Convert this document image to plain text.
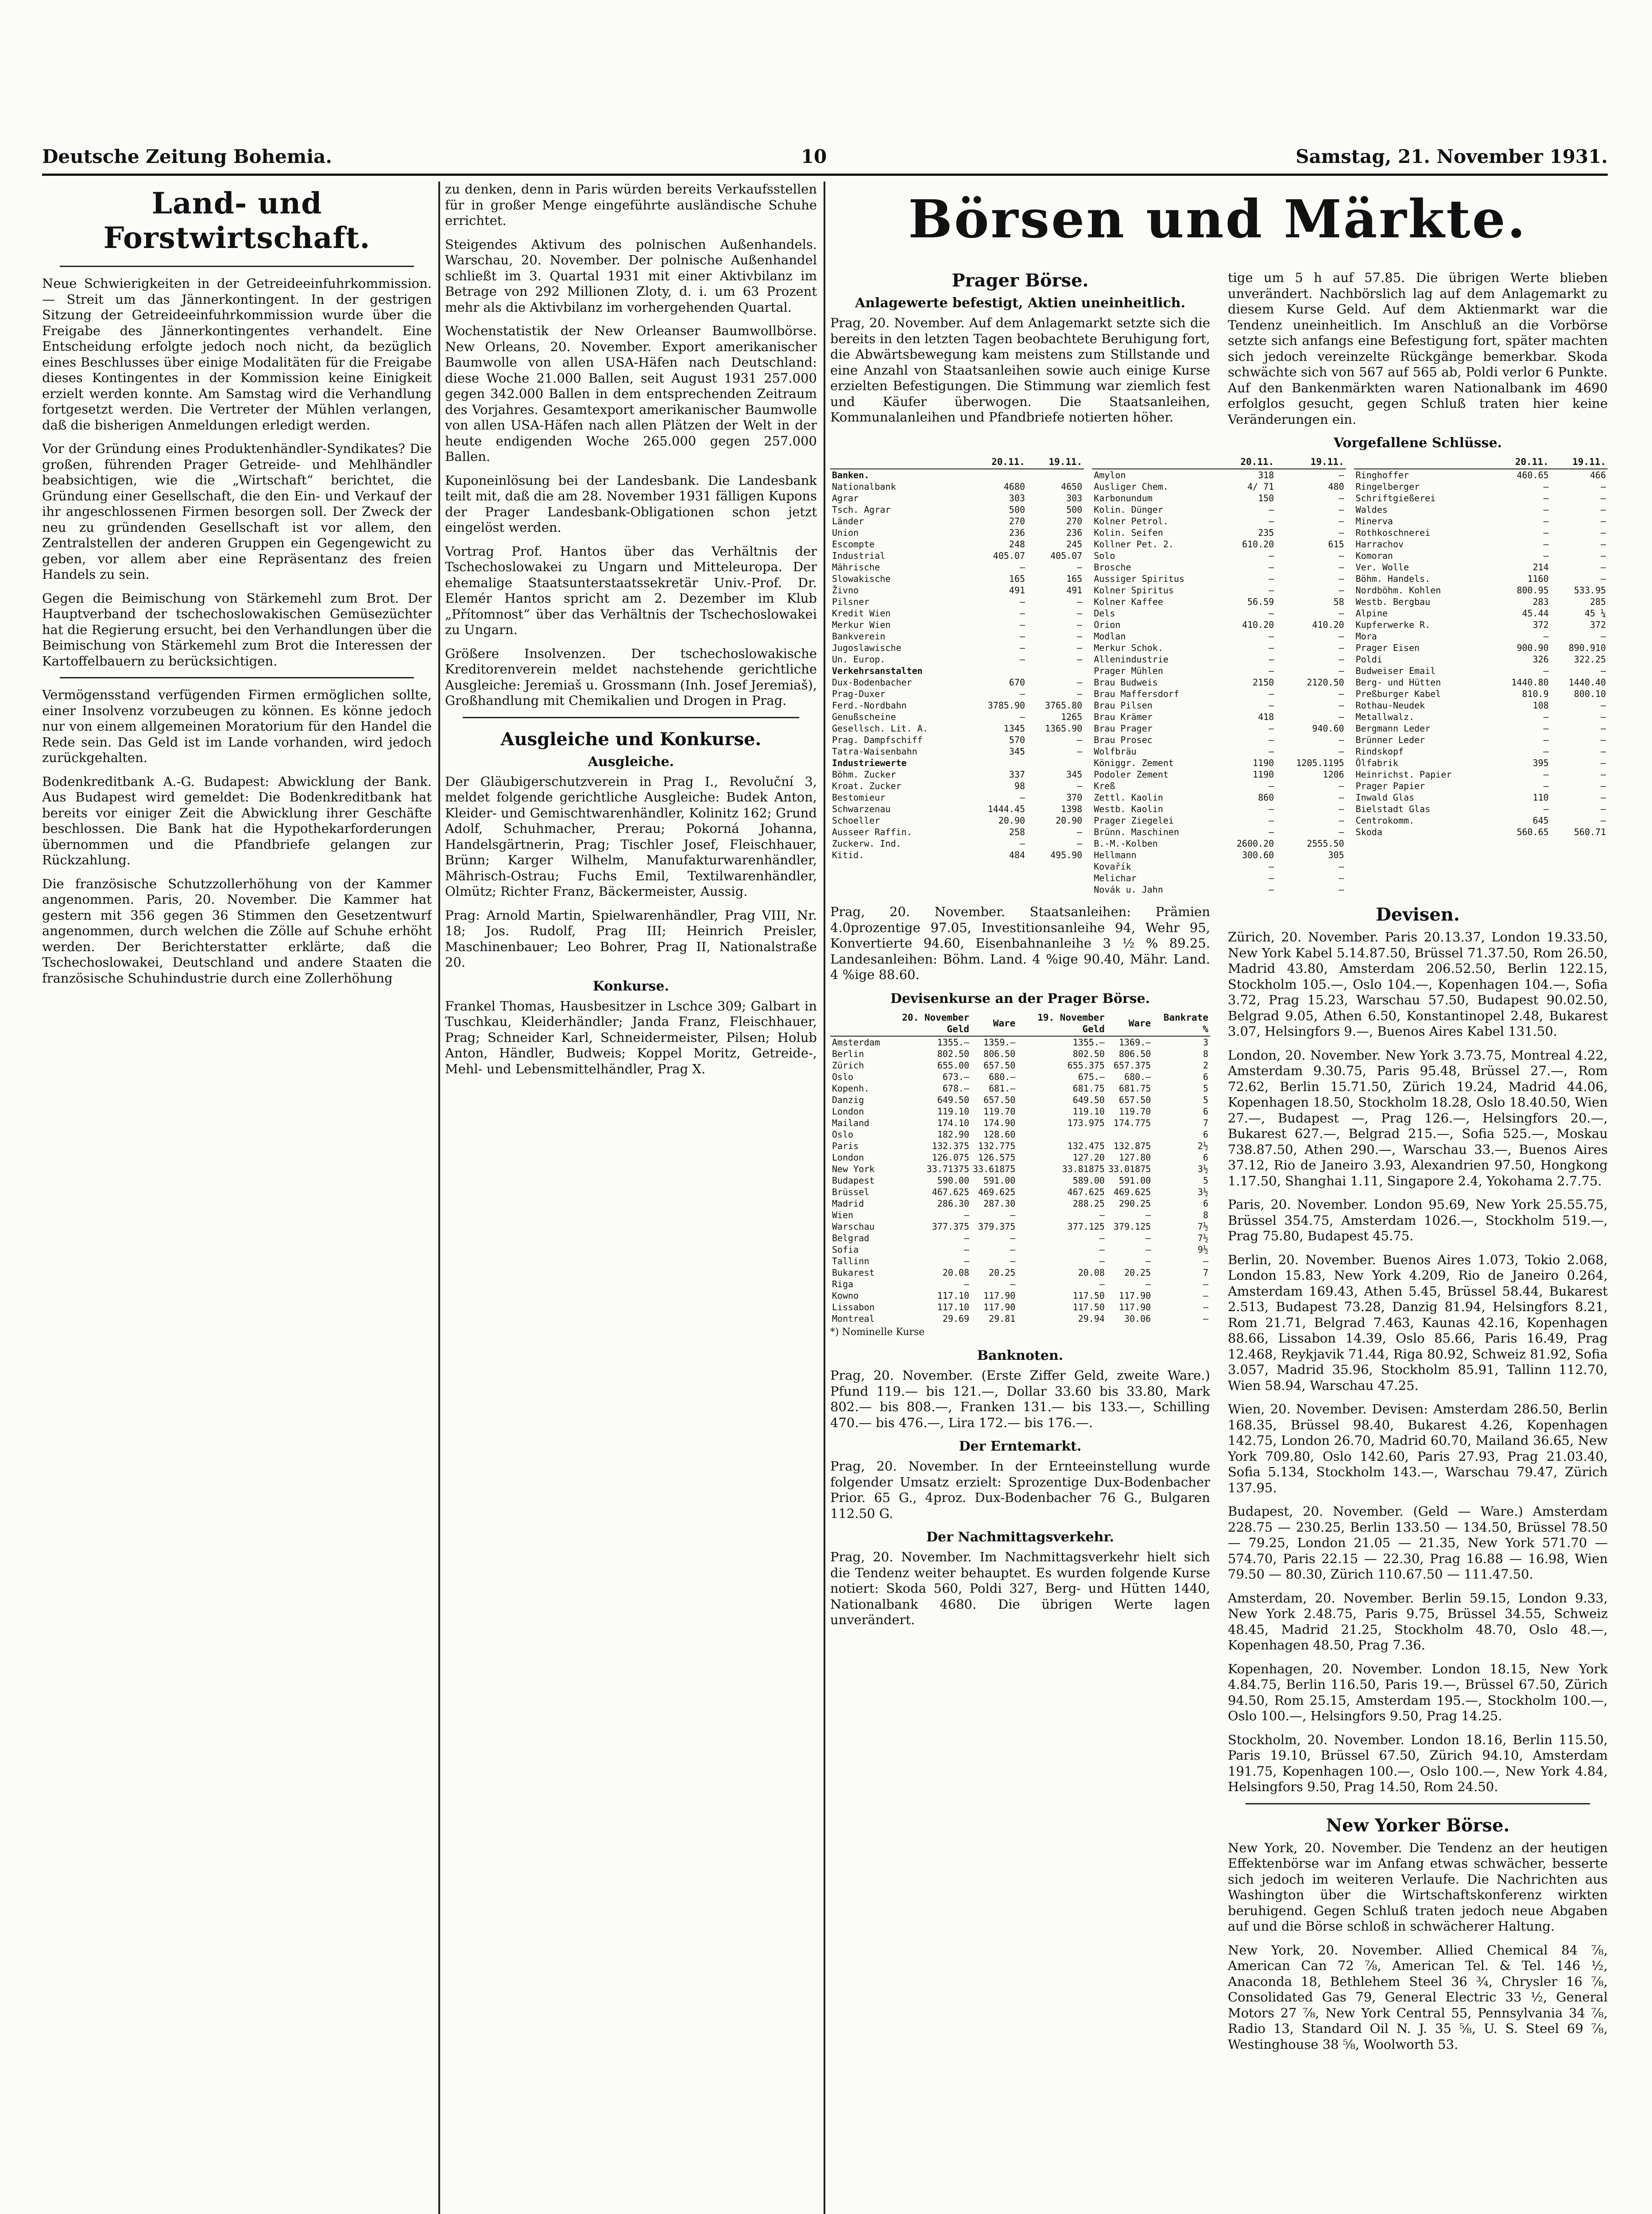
Deutsche Zeitung Bohemia.	10	Samstag, 21. November 1931.
Land- und Forstwirtschaft.

Neue Schwierigkeiten in der Getreideeinfuhrkommission. — Streit um das Jännerkontingent. In der gestrigen Sitzung der Getreideeinfuhrkommission wurde über die Freigabe des Jännerkontingentes verhandelt. Eine Entscheidung erfolgte jedoch noch nicht, da bezüglich eines Beschlusses über einige Modalitäten für die Freigabe dieses Kontingentes in der Kommission keine Einigkeit erzielt werden konnte. Am Samstag wird die Verhandlung fortgesetzt werden. Die Vertreter der Mühlen verlangen, daß die bisherigen Anmeldungen erledigt werden.

Vor der Gründung eines Produktenhändler-Syndikates? Die großen, führenden Prager Getreide- und Mehlhändler beabsichtigen, wie die „Wirtschaft“ berichtet, die Gründung einer Gesellschaft, die den Ein- und Verkauf der ihr angeschlossenen Firmen besorgen soll. Der Zweck der neu zu gründenden Gesellschaft ist vor allem, den Zentralstellen der anderen Gruppen ein Gegengewicht zu geben, vor allem aber eine Repräsentanz des freien Handels zu sein.

Gegen die Beimischung von Stärkemehl zum Brot. Der Hauptverband der tschechoslowakischen Gemüsezüchter hat die Regierung ersucht, bei den Verhandlungen über die Beimischung von Stärkemehl zum Brot die Interessen der Kartoffelbauern zu berücksichtigen.

Vermögensstand verfügenden Firmen ermöglichen sollte, einer Insolvenz vorzubeugen zu können. Es könne jedoch nur von einem allgemeinen Moratorium für den Handel die Rede sein. Das Geld ist im Lande vorhanden, wird jedoch zurückgehalten.

Bodenkreditbank A.-G. Budapest: Abwicklung der Bank. Aus Budapest wird gemeldet: Die Bodenkreditbank hat bereits vor einiger Zeit die Abwicklung ihrer Geschäfte beschlossen. Die Bank hat die Hypothekarforderungen übernommen und die Pfandbriefe gelangen zur Rückzahlung.

Die französische Schutzzollerhöhung von der Kammer angenommen. Paris, 20. November. Die Kammer hat gestern mit 356 gegen 36 Stimmen den Gesetzentwurf angenommen, durch welchen die Zölle auf Schuhe erhöht werden. Der Berichterstatter erklärte, daß die Tschechoslowakei, Deutschland und andere Staaten die französische Schuhindustrie durch eine Zollerhöhung

zu denken, denn in Paris würden bereits Verkaufsstellen für in großer Menge eingeführte ausländische Schuhe errichtet.

Steigendes Aktivum des polnischen Außenhandels. Warschau, 20. November. Der polnische Außenhandel schließt im 3. Quartal 1931 mit einer Aktivbilanz im Betrage von 292 Millionen Zloty, d. i. um 63 Prozent mehr als die Aktivbilanz im vorhergehenden Quartal.

Wochenstatistik der New Orleanser Baumwollbörse. New Orleans, 20. November. Export amerikanischer Baumwolle von allen USA-Häfen nach Deutschland: diese Woche 21.000 Ballen, seit August 1931 257.000 gegen 342.000 Ballen in dem entsprechenden Zeitraum des Vorjahres. Gesamtexport amerikanischer Baumwolle von allen USA-Häfen nach allen Plätzen der Welt in der heute endigenden Woche 265.000 gegen 257.000 Ballen.

Kuponeinlösung bei der Landesbank. Die Landesbank teilt mit, daß die am 28. November 1931 fälligen Kupons der Prager Landesbank-Obligationen schon jetzt eingelöst werden.

Vortrag Prof. Hantos über das Verhältnis der Tschechoslowakei zu Ungarn und Mitteleuropa. Der ehemalige Staatsunterstaatssekretär Univ.-Prof. Dr. Elemér Hantos spricht am 2. Dezember im Klub „Přítomnost“ über das Verhältnis der Tschechoslowakei zu Ungarn.

Größere Insolvenzen. Der tschechoslowakische Kreditorenverein meldet nachstehende gerichtliche Ausgleiche: Jeremiaš u. Grossmann (Inh. Josef Jeremiaš), Großhandlung mit Chemikalien und Drogen in Prag.

Ausgleiche und Konkurse.
Ausgleiche.

Der Gläubigerschutzverein in Prag I., Revoluční 3, meldet folgende gerichtliche Ausgleiche: Budek Anton, Kleider- und Gemischtwarenhändler, Kolinitz 162; Grund Adolf, Schuhmacher, Prerau; Pokorná Johanna, Handelsgärtnerin, Prag; Tischler Josef, Fleischhauer, Brünn; Karger Wilhelm, Manufakturwarenhändler, Mährisch-Ostrau; Fuchs Emil, Textilwarenhändler, Olmütz; Richter Franz, Bäckermeister, Aussig.

Prag: Arnold Martin, Spielwarenhändler, Prag VIII, Nr. 18; Jos. Rudolf, Prag III; Heinrich Preisler, Maschinenbauer; Leo Bohrer, Prag II, Nationalstraße 20.

Konkurse.

Frankel Thomas, Hausbesitzer in Lschce 309; Galbart in Tuschkau, Kleiderhändler; Janda Franz, Fleischhauer, Prag; Schneider Karl, Schneidermeister, Pilsen; Holub Anton, Händler, Budweis; Koppel Moritz, Getreide-, Mehl- und Lebensmittelhändler, Prag X.

Börsen und Märkte.
Prager Börse.
Anlagewerte befestigt, Aktien uneinheitlich.

Prag, 20. November. Auf dem Anlagemarkt setzte sich die bereits in den letzten Tagen beobachtete Beruhigung fort, die Abwärtsbewegung kam meistens zum Stillstande und eine Anzahl von Staatsanleihen sowie auch einige Kurse erzielten Befestigungen. Die Stimmung war ziemlich fest und Käufer überwogen. Die Staatsanleihen, Kommunalanleihen und Pfandbriefe notierten höher.

tige um 5 h auf 57.85. Die übrigen Werte blieben unverändert. Nachbörslich lag auf dem Anlagemarkt zu diesem Kurse Geld. Auf dem Aktienmarkt war die Tendenz uneinheitlich. Im Anschluß an die Vorbörse setzte sich anfangs eine Befestigung fort, später machten sich jedoch vereinzelte Rückgänge bemerkbar. Skoda schwächte sich von 567 auf 565 ab, Poldi verlor 6 Punkte. Auf den Bankenmärkten waren Nationalbank im 4690 erfolglos gesucht, gegen Schluß traten hier keine Veränderungen ein.

Vorgefallene Schlüsse.
	20.11.	19.11.
Banken.		
Nationalbank	4680	4650
Agrar	303	303
Tsch. Agrar	500	500
Länder	270	270
Union	236	236
Escompte	248	245
Industrial	405.07	405.07
Mährische	—	—
Slowakische	165	165
Živno	491	491
Pilsner	—	—
Kredit Wien	—	—
Merkur Wien	—	—
Bankverein	—	—
Jugoslawische	—	—
Un. Europ.	—	—
Verkehrsanstalten		
Dux-Bodenbacher	670	—
Prag-Duxer	—	—
Ferd.-Nordbahn	3785.90	3765.80
Genußscheine	—	1265
Gesellsch. Lit. A.	1345	1365.90
Prag. Dampfschiff	570	—
Tatra-Waisenbahn	345	—
Industriewerte		
Böhm. Zucker	337	345
Kroat. Zucker	98	—
Bestomieur	—	370
Schwarzenau	1444.45	1398
Schoeller	20.90	20.90
Ausseer Raffin.	258	—
Zuckerw. Ind.	—	—
Kitid.	484	495.90
	20.11.	19.11.
Amylon	318	—
Ausliger Chem.	4/ 71	480
Karbonundum	150	—
Kolin. Dünger	—	—
Kolner Petrol.	—	—
Kolin. Seifen	235	—
Kollner Pet. 2.	610.20	615
Solo	—	—
Brosche	—	—
Aussiger Spiritus	—	—
Kolner Spiritus	—	—
Kolner Kaffee	56.59	58
Dels	—	—
Orion	410.20	410.20
Modlan	—	—
Merkur Schok.	—	—
Allenindustrie	—	—
Prager Mühlen	—	—
Brau Budweis	2150	2120.50
Brau Maffersdorf	—	—
Brau Pilsen	—	—
Brau Krämer	418	—
Brau Prager	—	940.60
Brau Prosec	—	—
Wolfbräu	—	—
Königgr. Zement	1190	1205.1195
Podoler Zement	1190	1206
Kreß	—	—
Zettl. Kaolin	860	—
Westb. Kaolin	—	—
Prager Ziegelei	—	—
Brünn. Maschinen	—	—
B.-M.-Kolben	2600.20	2555.50
Hellmann	300.60	305
Kovařík	—	—
Melichar	—	—
Novák u. Jahn	—	—
	20.11.	19.11.
Ringhoffer	460.65	466
Ringelberger	—	—
Schriftgießerei	—	—
Waldes	—	—
Minerva	—	—
Rothkoschnerei	—	—
Harrachov	—	—
Komoran	—	—
Ver. Wolle	214	—
Böhm. Handels.	1160	—
Nordböhm. Kohlen	800.95	533.95
Westb. Bergbau	283	285
Alpine	45.44	45 ¼
Kupferwerke R.	372	372
Mora	—	—
Prager Eisen	900.90	890.910
Poldi	326	322.25
Budweiser Email	—	—
Berg- und Hütten	1440.80	1440.40
Preßburger Kabel	810.9	800.10
Rothau-Neudek	108	—
Metallwalz.	—	—
Bergmann Leder	—	—
Brünner Leder	—	—
Rindskopf	—	—
Ölfabrik	395	—
Heinrichst. Papier	—	—
Prager Papier	—	—
Inwald Glas	110	—
Bielstadt Glas	—	—
Centrokomm.	645	—
Skoda	560.65	560.71

Prag, 20. November. Staatsanleihen: Prämien 4.0prozentige 97.05, Investitionsanleihe 94, Wehr 95, Konvertierte 94.60, Eisenbahnanleihe 3 ½ % 89.25. Landesanleihen: Böhm. Land. 4 %ige 90.40, Mähr. Land. 4 %ige 88.60.

Devisenkurse an der Prager Börse.
	20. November Geld	Ware	19. November Geld	Ware	Bankrate %
Amsterdam	1355.—	1359.—	1355.—	1369.—	3
Berlin	802.50	806.50	802.50	806.50	8
Zürich	655.00	657.50	655.375	657.375	2
Oslo	673.—	680.—	675.—	680.—	6
Kopenh.	678.—	681.—	681.75	681.75	5
Danzig	649.50	657.50	649.50	657.50	5
London	119.10	119.70	119.10	119.70	6
Mailand	174.10	174.90	173.975	174.775	7
Oslo	182.90	128.60			6
Paris	132.375	132.775	132.475	132.875	2½
London	126.075	126.575	127.20	127.80	6
New York	33.71375	33.61875	33.81875	33.01875	3½
Budapest	590.00	591.00	589.00	591.00	5
Brüssel	467.625	469.625	467.625	469.625	3½
Madrid	286.30	287.30	288.25	290.25	6
Wien	—	—	—	—	8
Warschau	377.375	379.375	377.125	379.125	7½
Belgrad	—	—	—	—	7½
Sofia	—	—	—	—	9½
Tallinn	—	—	—	—	—
Bukarest	20.08	20.25	20.08	20.25	7
Riga	—	—	—	—	—
Kowno	117.10	117.90	117.50	117.90	—
Lissabon	117.10	117.90	117.50	117.90	—
Montreal	29.69	29.81	29.94	30.06	—

*) Nominelle Kurse

Banknoten.

Prag, 20. November. (Erste Ziffer Geld, zweite Ware.) Pfund 119.— bis 121.—, Dollar 33.60 bis 33.80, Mark 802.— bis 808.—, Franken 131.— bis 133.—, Schilling 470.— bis 476.—, Lira 172.— bis 176.—.

Der Erntemarkt.

Prag, 20. November. In der Ernteeinstellung wurde folgender Umsatz erzielt: Sprozentige Dux-Bodenbacher Prior. 65 G., 4proz. Dux-Bodenbacher 76 G., Bulgaren 112.50 G.

Der Nachmittagsverkehr.

Prag, 20. November. Im Nachmittagsverkehr hielt sich die Tendenz weiter behauptet. Es wurden folgende Kurse notiert: Skoda 560, Poldi 327, Berg- und Hütten 1440, Nationalbank 4680. Die übrigen Werte lagen unverändert.

Devisen.

Zürich, 20. November. Paris 20.13.37, London 19.33.50, New York Kabel 5.14.87.50, Brüssel 71.37.50, Rom 26.50, Madrid 43.80, Amsterdam 206.52.50, Berlin 122.15, Stockholm 105.—, Oslo 104.—, Kopenhagen 104.—, Sofia 3.72, Prag 15.23, Warschau 57.50, Budapest 90.02.50, Belgrad 9.05, Athen 6.50, Konstantinopel 2.48, Bukarest 3.07, Helsingfors 9.—, Buenos Aires Kabel 131.50.

London, 20. November. New York 3.73.75, Montreal 4.22, Amsterdam 9.30.75, Paris 95.48, Brüssel 27.—, Rom 72.62, Berlin 15.71.50, Zürich 19.24, Madrid 44.06, Kopenhagen 18.50, Stockholm 18.28, Oslo 18.40.50, Wien 27.—, Budapest —, Prag 126.—, Helsingfors 20.—, Bukarest 627.—, Belgrad 215.—, Sofia 525.—, Moskau 738.87.50, Athen 290.—, Warschau 33.—, Buenos Aires 37.12, Rio de Janeiro 3.93, Alexandrien 97.50, Hongkong 1.17.50, Shanghai 1.11, Singapore 2.4, Yokohama 2.7.75.

Paris, 20. November. London 95.69, New York 25.55.75, Brüssel 354.75, Amsterdam 1026.—, Stockholm 519.—, Prag 75.80, Budapest 45.75.

Berlin, 20. November. Buenos Aires 1.073, Tokio 2.068, London 15.83, New York 4.209, Rio de Janeiro 0.264, Amsterdam 169.43, Athen 5.45, Brüssel 58.44, Bukarest 2.513, Budapest 73.28, Danzig 81.94, Helsingfors 8.21, Rom 21.71, Belgrad 7.463, Kaunas 42.16, Kopenhagen 88.66, Lissabon 14.39, Oslo 85.66, Paris 16.49, Prag 12.468, Reykjavik 71.44, Riga 80.92, Schweiz 81.92, Sofia 3.057, Madrid 35.96, Stockholm 85.91, Tallinn 112.70, Wien 58.94, Warschau 47.25.

Wien, 20. November. Devisen: Amsterdam 286.50, Berlin 168.35, Brüssel 98.40, Bukarest 4.26, Kopenhagen 142.75, London 26.70, Madrid 60.70, Mailand 36.65, New York 709.80, Oslo 142.60, Paris 27.93, Prag 21.03.40, Sofia 5.134, Stockholm 143.—, Warschau 79.47, Zürich 137.95.

Budapest, 20. November. (Geld — Ware.) Amsterdam 228.75 — 230.25, Berlin 133.50 — 134.50, Brüssel 78.50 — 79.25, London 21.05 — 21.35, New York 571.70 — 574.70, Paris 22.15 — 22.30, Prag 16.88 — 16.98, Wien 79.50 — 80.30, Zürich 110.67.50 — 111.47.50.

Amsterdam, 20. November. Berlin 59.15, London 9.33, New York 2.48.75, Paris 9.75, Brüssel 34.55, Schweiz 48.45, Madrid 21.25, Stockholm 48.70, Oslo 48.—, Kopenhagen 48.50, Prag 7.36.

Kopenhagen, 20. November. London 18.15, New York 4.84.75, Berlin 116.50, Paris 19.—, Brüssel 67.50, Zürich 94.50, Rom 25.15, Amsterdam 195.—, Stockholm 100.—, Oslo 100.—, Helsingfors 9.50, Prag 14.25.

Stockholm, 20. November. London 18.16, Berlin 115.50, Paris 19.10, Brüssel 67.50, Zürich 94.10, Amsterdam 191.75, Kopenhagen 100.—, Oslo 100.—, New York 4.84, Helsingfors 9.50, Prag 14.50, Rom 24.50.

New Yorker Börse.

New York, 20. November. Die Tendenz an der heutigen Effektenbörse war im Anfang etwas schwächer, besserte sich jedoch im weiteren Verlaufe. Die Nachrichten aus Washington über die Wirtschaftskonferenz wirkten beruhigend. Gegen Schluß traten jedoch neue Abgaben auf und die Börse schloß in schwächerer Haltung.

New York, 20. November. Allied Chemical 84 ⅞, American Can 72 ⅞, American Tel. & Tel. 146 ½, Anaconda 18, Bethlehem Steel 36 ¾, Chrysler 16 ⅞, Consolidated Gas 79, General Electric 33 ½, General Motors 27 ⅞, New York Central 55, Pennsylvania 34 ⅞, Radio 13, Standard Oil N. J. 35 ⅝, U. S. Steel 69 ⅞, Westinghouse 38 ⅝, Woolworth 53.
